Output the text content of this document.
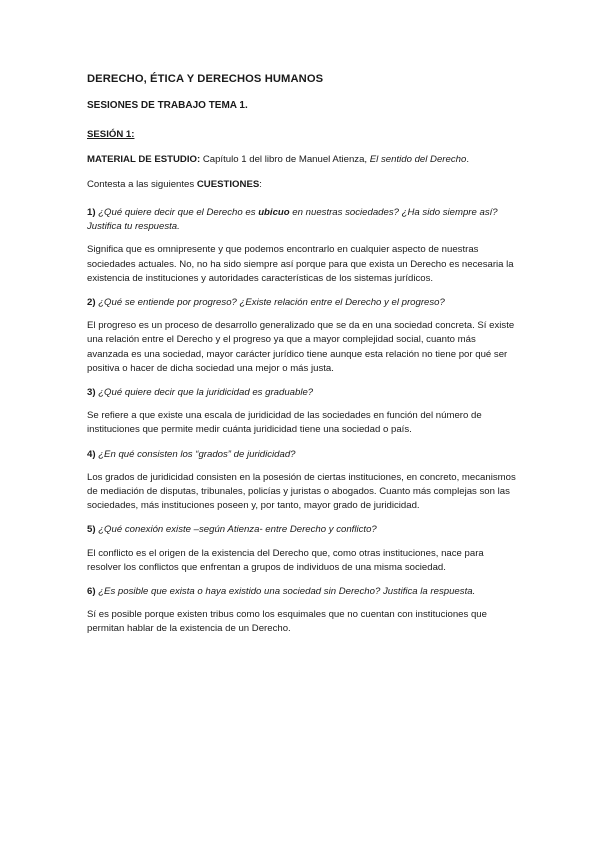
DERECHO, ÉTICA Y DERECHOS HUMANOS
SESIONES DE TRABAJO TEMA 1.
SESIÓN 1:
MATERIAL DE ESTUDIO: Capítulo 1 del libro de Manuel Atienza, El sentido del Derecho.
Contesta a las siguientes CUESTIONES:
1) ¿Qué quiere decir que el Derecho es ubicuo en nuestras sociedades? ¿Ha sido siempre así?
Justifica tu respuesta.
Significa que es omnipresente y que podemos encontrarlo en cualquier aspecto de nuestras
sociedades actuales. No, no ha sido siempre así porque para que exista un Derecho es necesaria la
existencia de instituciones y autoridades características de los sistemas jurídicos.
2) ¿Qué se entiende por progreso? ¿Existe relación entre el Derecho y el progreso?
El progreso es un proceso de desarrollo generalizado que se da en una sociedad concreta. Sí existe
una relación entre el Derecho y el progreso ya que a mayor complejidad social, cuanto más
avanzada es una sociedad, mayor carácter jurídico tiene aunque esta relación no tiene por qué ser
positiva o hacer de dicha sociedad una mejor o más justa.
3) ¿Qué quiere decir que la juridicidad es graduable?
Se refiere a que existe una escala de juridicidad de las sociedades en función del número de
instituciones que permite medir cuánta juridicidad tiene una sociedad o país.
4) ¿En qué consisten los “grados” de juridicidad?
Los grados de juridicidad consisten en la posesión de ciertas instituciones, en concreto, mecanismos
de mediación de disputas, tribunales, policías y juristas o abogados. Cuanto más complejas son las
sociedades, más instituciones poseen y, por tanto, mayor grado de juridicidad.
5) ¿Qué conexión existe –según Atienza- entre Derecho y conflicto?
El conflicto es el origen de la existencia del Derecho que, como otras instituciones, nace para
resolver los conflictos que enfrentan a grupos de individuos de una misma sociedad.
6) ¿Es posible que exista o haya existido una sociedad sin Derecho? Justifica la respuesta.
Sí es posible porque existen tribus como los esquimales que no cuentan con instituciones que
permitan hablar de la existencia de un Derecho.
